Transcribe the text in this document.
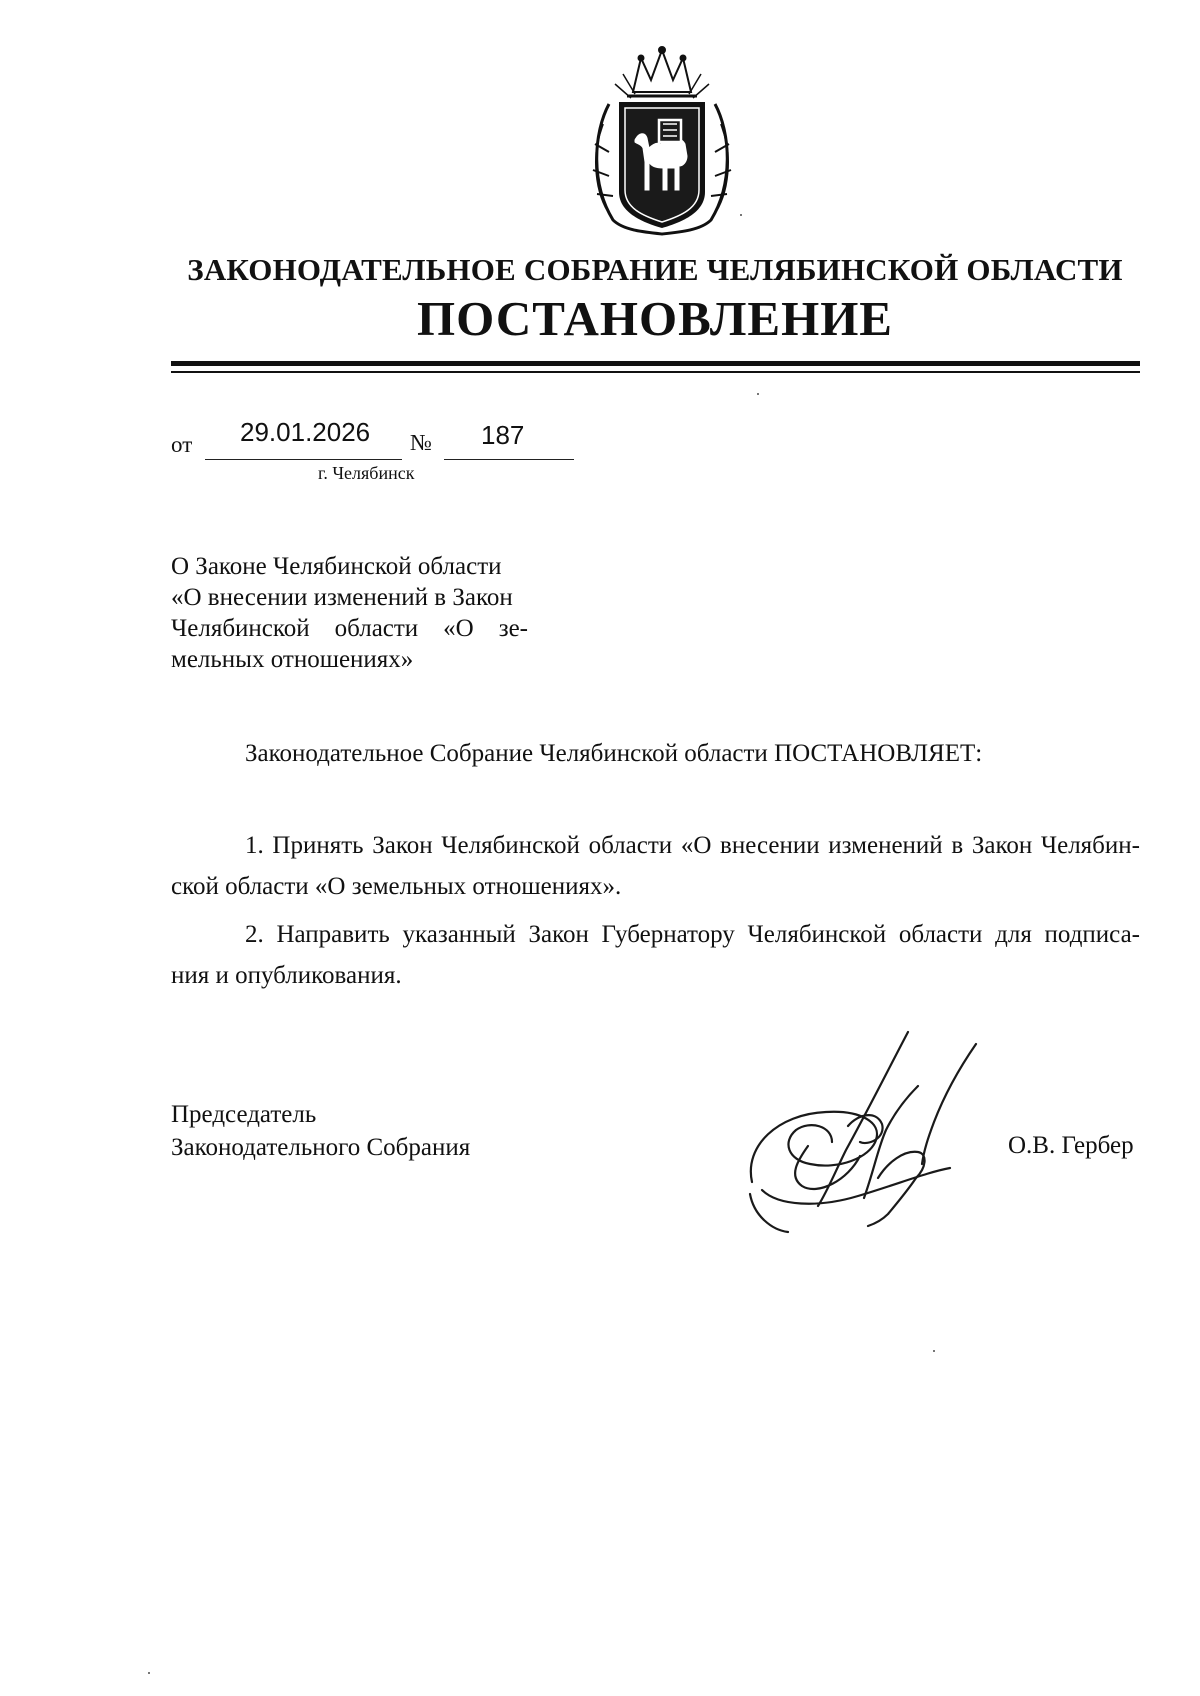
ЗАКОНОДАТЕЛЬНОЕ СОБРАНИЕ ЧЕЛЯБИНСКОЙ ОБЛАСТИ
ПОСТАНОВЛЕНИЕ
от 29.01.2026 № 187
г. Челябинск
О Законе Челябинской области
«О внесении изменений в Закон
Челябинской области «О зе-
мельных отношениях»
Законодательное Собрание Челябинской области ПОСТАНОВЛЯЕТ:
1. Принять Закон Челябинской области «О внесении изменений в Закон Челябин-
ской области «О земельных отношениях».
2. Направить указанный Закон Губернатору Челябинской области для подписа-
ния и опубликования.
Председатель
Законодательного Собрания	О.В. Гербер
